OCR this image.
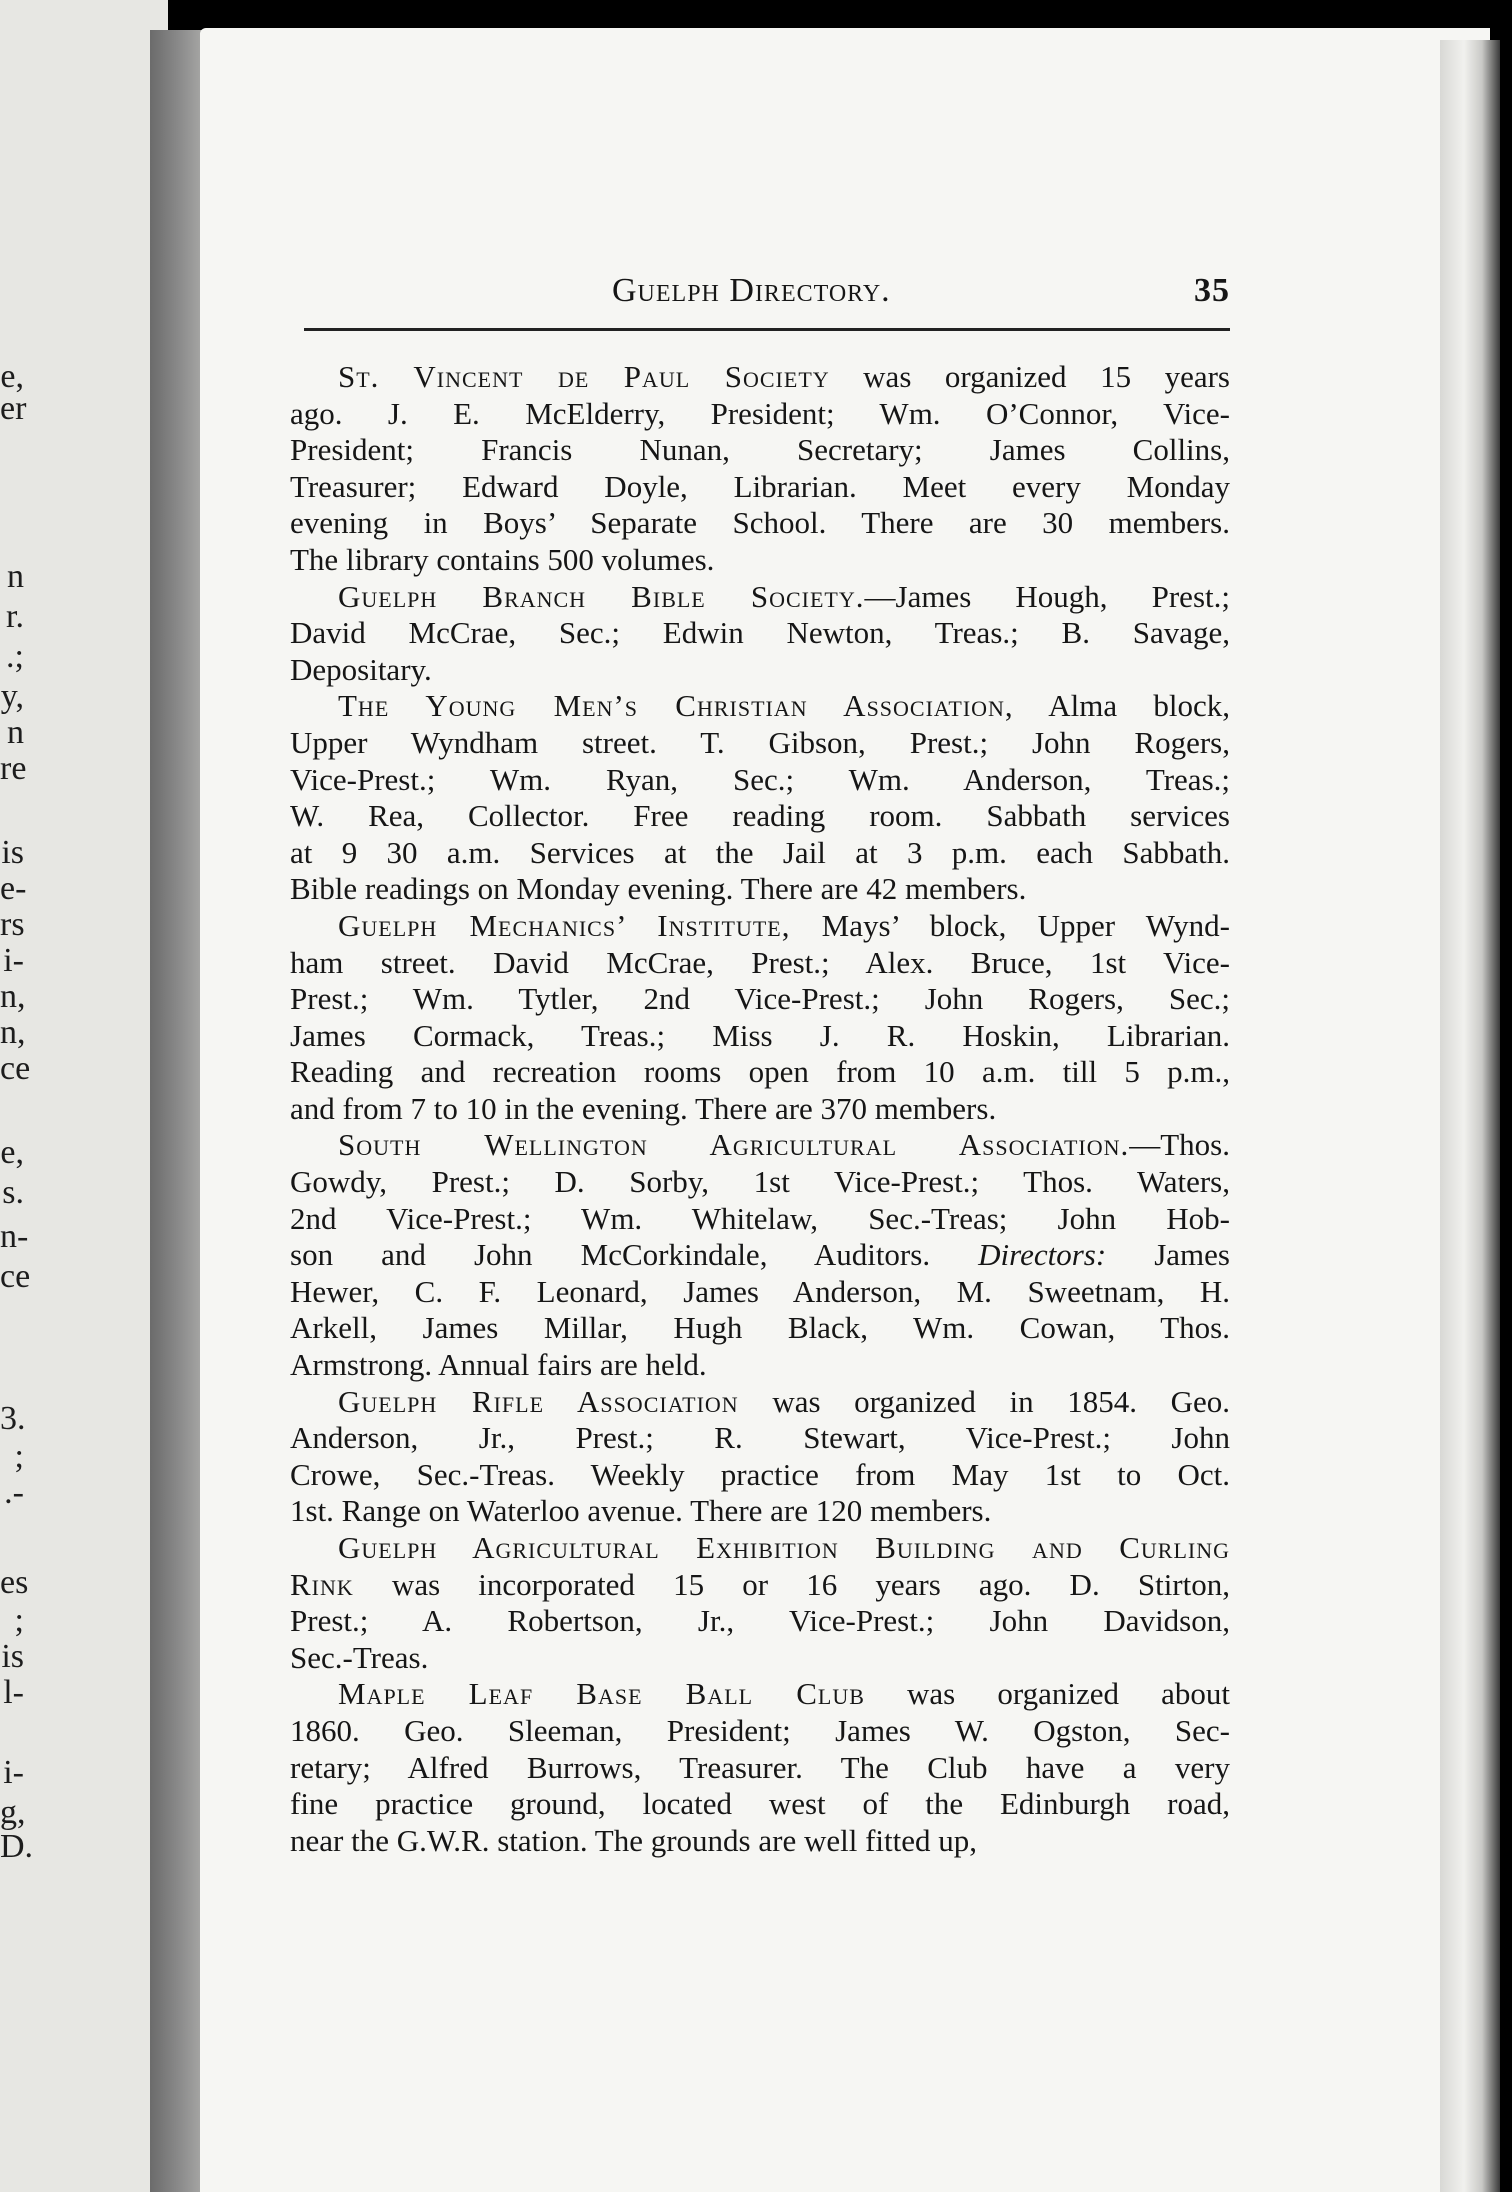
e,
er
n
r.
.;
y,
n
re
is
e-
rs
i-
n,
n,
ce
e,
s.
n-
ce
3.
;
.-
es
;
is
l-
i-
g,
D.
Guelph Directory.	35
St. Vincent de Paul Society was organized 15 years
ago. J. E. McElderry, President; Wm. O’Connor, Vice-
President; Francis Nunan, Secretary; James Collins,
Treasurer; Edward Doyle, Librarian. Meet every Monday
evening in Boys’ Separate School. There are 30 members.
The library contains 500 volumes.
Guelph Branch Bible Society.—James Hough, Prest.;
David McCrae, Sec.; Edwin Newton, Treas.; B. Savage,
Depositary.
The Young Men’s Christian Association, Alma block,
Upper Wyndham street. T. Gibson, Prest.; John Rogers,
Vice-Prest.; Wm. Ryan, Sec.; Wm. Anderson, Treas.;
W. Rea, Collector. Free reading room. Sabbath services
at 9 30 a.m. Services at the Jail at 3 p.m. each Sabbath.
Bible readings on Monday evening. There are 42 members.
Guelph Mechanics’ Institute, Mays’ block, Upper Wynd-
ham street. David McCrae, Prest.; Alex. Bruce, 1st Vice-
Prest.; Wm. Tytler, 2nd Vice-Prest.; John Rogers, Sec.;
James Cormack, Treas.; Miss J. R. Hoskin, Librarian.
Reading and recreation rooms open from 10 a.m. till 5 p.m.,
and from 7 to 10 in the evening. There are 370 members.
South Wellington Agricultural Association.—Thos.
Gowdy, Prest.; D. Sorby, 1st Vice-Prest.; Thos. Waters,
2nd Vice-Prest.; Wm. Whitelaw, Sec.-Treas; John Hob-
son and John McCorkindale, Auditors. Directors: James
Hewer, C. F. Leonard, James Anderson, M. Sweetnam, H.
Arkell, James Millar, Hugh Black, Wm. Cowan, Thos.
Armstrong. Annual fairs are held.
Guelph Rifle Association was organized in 1854. Geo.
Anderson, Jr., Prest.; R. Stewart, Vice-Prest.; John
Crowe, Sec.-Treas. Weekly practice from May 1st to Oct.
1st. Range on Waterloo avenue. There are 120 members.
Guelph Agricultural Exhibition Building and Curling
Rink was incorporated 15 or 16 years ago. D. Stirton,
Prest.; A. Robertson, Jr., Vice-Prest.; John Davidson,
Sec.-Treas.
Maple Leaf Base Ball Club was organized about
1860. Geo. Sleeman, President; James W. Ogston, Sec-
retary; Alfred Burrows, Treasurer. The Club have a very
fine practice ground, located west of the Edinburgh road,
near the G.W.R. station. The grounds are well fitted up,
